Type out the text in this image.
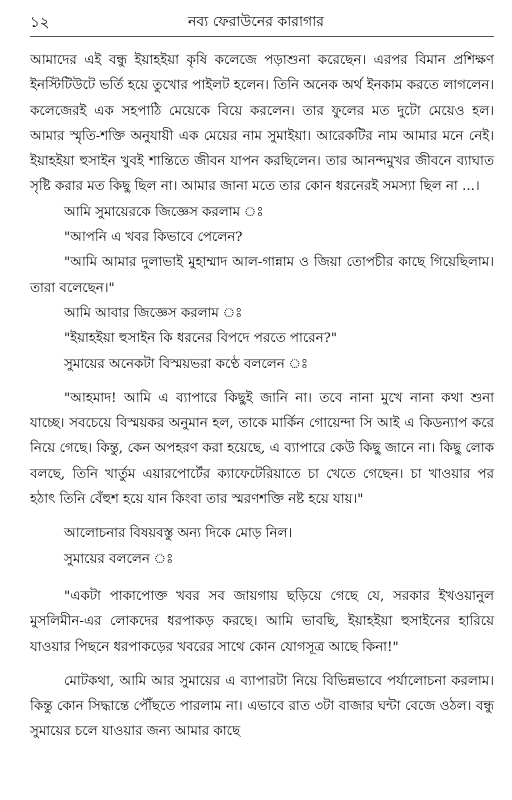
১২	নব্য ফেরাউনের কারাগার

আমাদের এই বন্ধু ইয়াহইয়া কৃষি কলেজে পড়াশুনা করেছেন। এরপর বিমান প্রশিক্ষণ ইনস্টিটিউটে ভর্তি হয়ে তুখোর পাইলট হলেন। তিনি অনেক অর্থ ইনকাম করতে লাগলেন। কলেজেরই এক সহপাঠি মেয়েকে বিয়ে করলেন। তার ফুলের মত দুটো মেয়েও হল। আমার স্মৃতি-শক্তি অনুযায়ী এক মেয়ের নাম সুমাইয়া। আরেকটির নাম আমার মনে নেই। ইয়াহইয়া হুসাইন খুবই শান্তিতে জীবন যাপন করছিলেন। তার আনন্দমুখর জীবনে ব্যাঘাত সৃষ্টি করার মত কিছু ছিল না। আমার জানা মতে তার কোন ধরনেরই সমস্যা ছিল না ...।

আমি সুমায়েরকে জিজ্ঞেস করলাম ঃ

"আপনি এ খবর কিভাবে পেলেন?

"আমি আমার দুলাভাই মুহাম্মাদ আল-গান্নাম ও জিয়া তোপচীর কাছে গিয়েছিলাম। তারা বলেছেন।"

আমি আবার জিজ্ঞেস করলাম ঃ

"ইয়াহইয়া হুসাইন কি ধরনের বিপদে পরতে পারেন?"

সুমায়ের অনেকটা বিস্ময়ভরা কণ্ঠে বললেন ঃ

"আহমাদ! আমি এ ব্যাপারে কিছুই জানি না। তবে নানা মুখে নানা কথা শুনা যাচ্ছে। সবচেয়ে বিস্ময়কর অনুমান হল, তাকে মার্কিন গোয়েন্দা সি আই এ কিডন্যাপ করে নিয়ে গেছে। কিন্তু, কেন অপহরণ করা হয়েছে, এ ব্যাপারে কেউ কিছু জানে না। কিছু লোক বলছে, তিনি খার্তুম এয়ারপোর্টের ক্যাফেটেরিয়াতে চা খেতে গেছেন। চা খাওয়ার পর হঠাৎ তিনি বেঁহুশ হয়ে যান কিংবা তার স্মরণশক্তি নষ্ট হয়ে যায়।"

আলোচনার বিষয়বস্তু অন্য দিকে মোড় নিল।

সুমায়ের বললেন ঃ

"একটা পাকাপোক্ত খবর সব জায়গায় ছড়িয়ে গেছে যে, সরকার ইখওয়ানুল মুসলিমীন-এর লোকদের ধরপাকড় করছে। আমি ভাবছি, ইয়াহইয়া হুসাইনের হারিয়ে যাওয়ার পিছনে ধরপাকড়ের খবরের সাথে কোন যোগসূত্র আছে কিনা!"

মোটকথা, আমি আর সুমায়ের এ ব্যাপারটা নিয়ে বিভিন্নভাবে পর্যালোচনা করলাম। কিন্তু কোন সিদ্ধান্তে পৌঁছতে পারলাম না। এভাবে রাত ৩টা বাজার ঘন্টা বেজে ওঠল। বন্ধু সুমায়ের চলে যাওয়ার জন্য আমার কাছে
